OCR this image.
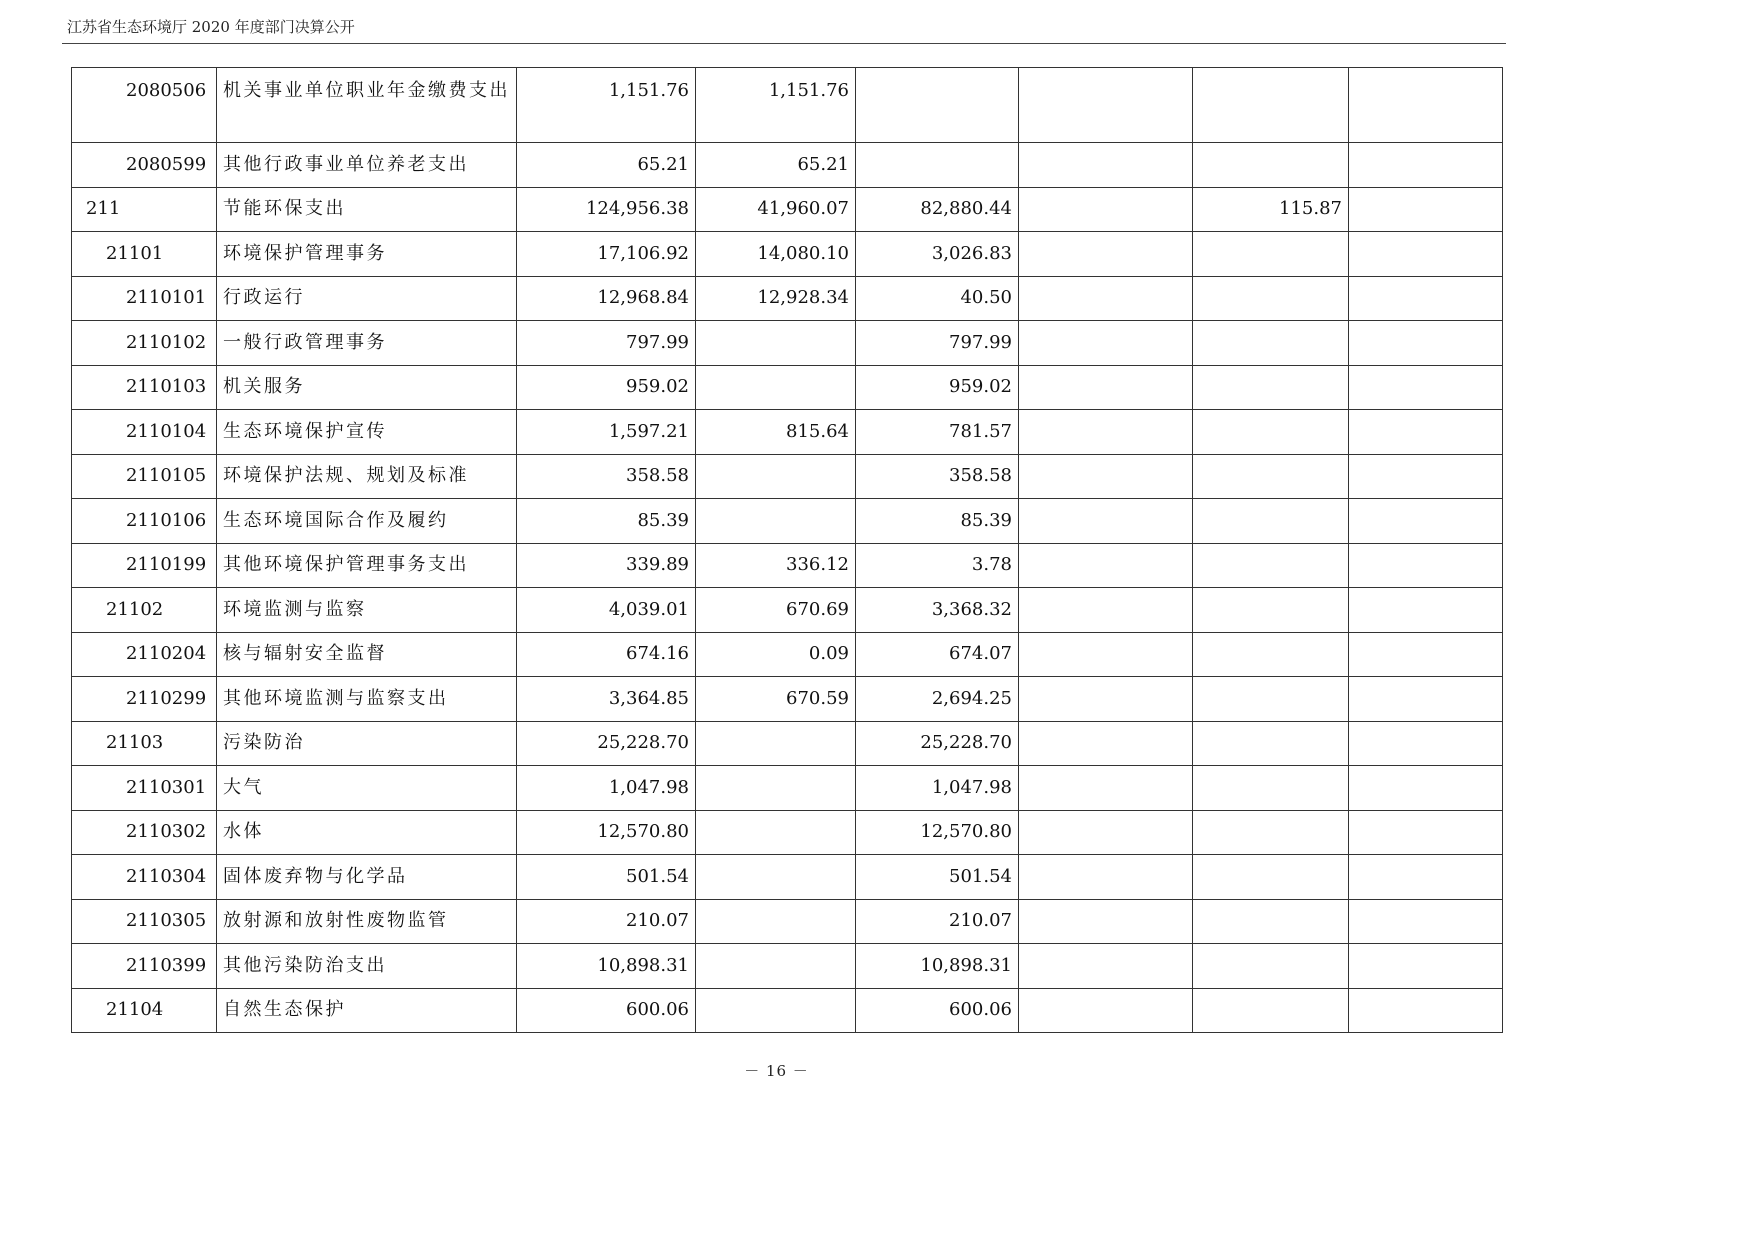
江苏省生态环境厅 2020 年度部门决算公开
2080506	机关事业单位职业年金缴费支出	1,151.76	1,151.76				
2080599	其他行政事业单位养老支出	65.21	65.21				
211	节能环保支出	124,956.38	41,960.07	82,880.44		115.87	
21101	环境保护管理事务	17,106.92	14,080.10	3,026.83			
2110101	行政运行	12,968.84	12,928.34	40.50			
2110102	一般行政管理事务	797.99		797.99			
2110103	机关服务	959.02		959.02			
2110104	生态环境保护宣传	1,597.21	815.64	781.57			
2110105	环境保护法规、规划及标准	358.58		358.58			
2110106	生态环境国际合作及履约	85.39		85.39			
2110199	其他环境保护管理事务支出	339.89	336.12	3.78			
21102	环境监测与监察	4,039.01	670.69	3,368.32			
2110204	核与辐射安全监督	674.16	0.09	674.07			
2110299	其他环境监测与监察支出	3,364.85	670.59	2,694.25			
21103	污染防治	25,228.70		25,228.70			
2110301	大气	1,047.98		1,047.98			
2110302	水体	12,570.80		12,570.80			
2110304	固体废弃物与化学品	501.54		501.54			
2110305	放射源和放射性废物监管	210.07		210.07			
2110399	其他污染防治支出	10,898.31		10,898.31			
21104	自然生态保护	600.06		600.06			
－ 16 －
